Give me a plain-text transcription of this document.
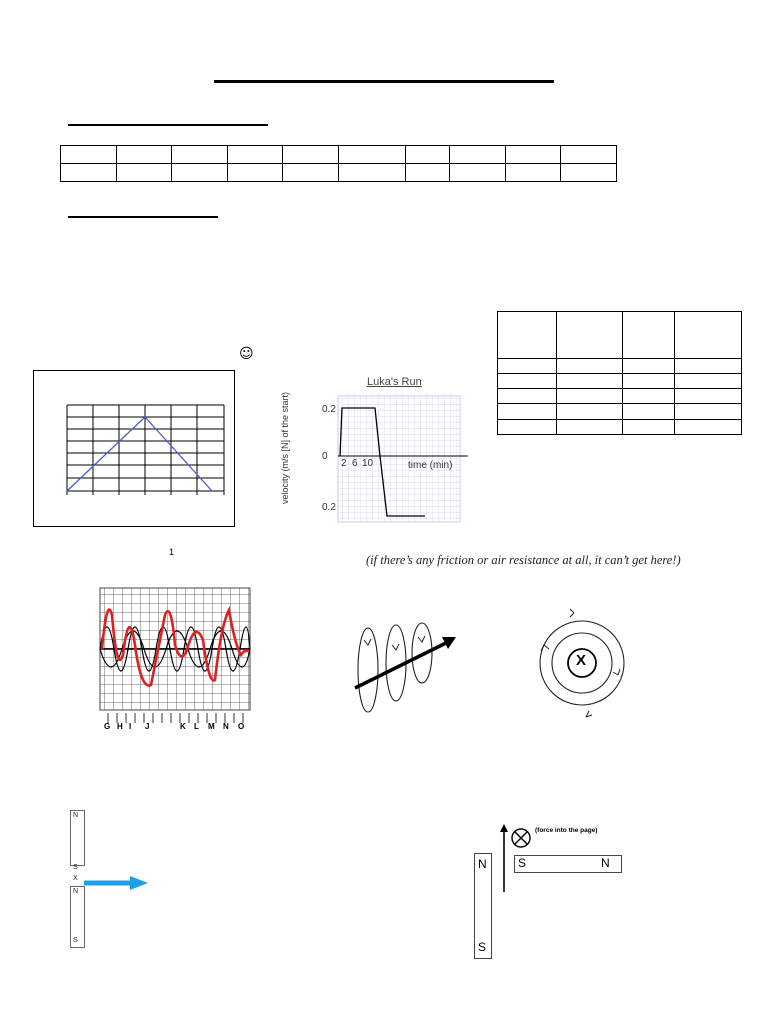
☺

Luka's Run
velocity (m/s [N] of the start)	0.2
0
0.2
2 6 10	time (min)
1
(if there’s any friction or air resistance at all, it can’t get here!)
G H I J	K L M N O
X
N
S
X
N
S
N
S
(force into the page)
S	N
